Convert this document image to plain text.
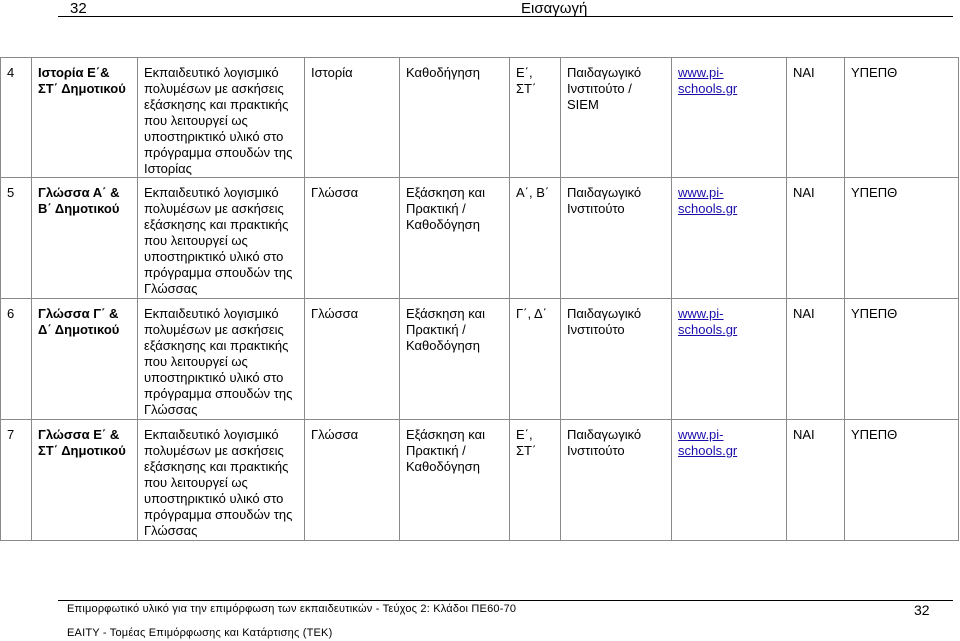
32	Εισαγωγή
4	Ιστορία Ε΄& ΣΤ΄ Δημοτικού	Εκπαιδευτικό λογισμικό πολυμέσων με ασκήσεις εξάσκησης και πρακτικής που λειτουργεί ως υποστηρικτικό υλικό στο πρόγραμμα σπουδών της Ιστορίας	Ιστορία	Καθοδήγηση	Ε΄, ΣΤ΄	Παιδαγωγικό Ινστιτούτο / SIEM	www.pi-schools.gr	ΝΑΙ	ΥΠΕΠΘ
5	Γλώσσα Α΄ & Β΄ Δημοτικού	Εκπαιδευτικό λογισμικό πολυμέσων με ασκήσεις εξάσκησης και πρακτικής που λειτουργεί ως υποστηρικτικό υλικό στο πρόγραμμα σπουδών της Γλώσσας	Γλώσσα	Εξάσκηση και Πρακτική / Καθοδόγηση	Α΄, Β΄	Παιδαγωγικό Ινστιτούτο	www.pi-schools.gr	ΝΑΙ	ΥΠΕΠΘ
6	Γλώσσα Γ΄ & Δ΄ Δημοτικού	Εκπαιδευτικό λογισμικό πολυμέσων με ασκήσεις εξάσκησης και πρακτικής που λειτουργεί ως υποστηρικτικό υλικό στο πρόγραμμα σπουδών της Γλώσσας	Γλώσσα	Εξάσκηση και Πρακτική / Καθοδόγηση	Γ΄, Δ΄	Παιδαγωγικό Ινστιτούτο	www.pi-schools.gr	ΝΑΙ	ΥΠΕΠΘ
7	Γλώσσα Ε΄ & ΣΤ΄ Δημοτικού	Εκπαιδευτικό λογισμικό πολυμέσων με ασκήσεις εξάσκησης και πρακτικής που λειτουργεί ως υποστηρικτικό υλικό στο πρόγραμμα σπουδών της Γλώσσας	Γλώσσα	Εξάσκηση και Πρακτική / Καθοδόγηση	Ε΄, ΣΤ΄	Παιδαγωγικό Ινστιτούτο	www.pi-schools.gr	ΝΑΙ	ΥΠΕΠΘ
Επιμορφωτικό υλικό για την επιμόρφωση των εκπαιδευτικών - Τεύχος 2: Κλάδοι ΠΕ60-70	32
ΕΑΙΤΥ - Τομέας Επιμόρφωσης και Κατάρτισης (ΤΕΚ)
